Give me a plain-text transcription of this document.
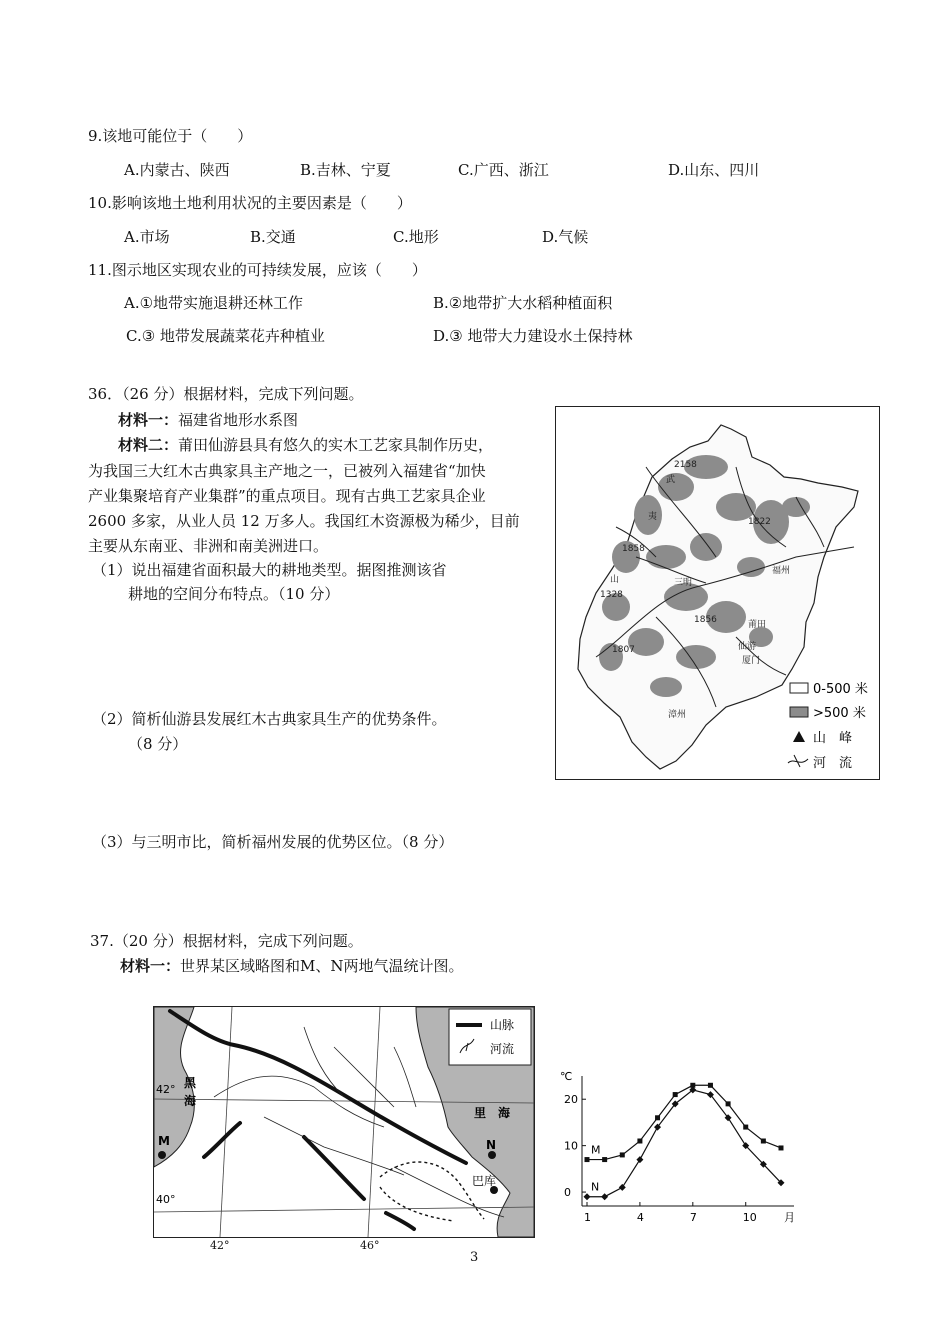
9.该地可能位于（　　）
A.内蒙古、陕西	B.吉林、宁夏	C.广西、浙江	D.山东、四川
10.影响该地土地利用状况的主要因素是（　　）
A.市场	B.交通	C.地形	D.气候
11.图示地区实现农业的可持续发展，应该（　　）
A.①地带实施退耕还林工作	B.②地带扩大水稻种植面积
C.③ 地带发展蔬菜花卉种植业	D.③ 地带大力建设水土保持林
36．（26 分）根据材料，完成下列问题。
材料一：福建省地形水系图
材料二：莆田仙游县具有悠久的实木工艺家具制作历史，
为我国三大红木古典家具主产地之一，已被列入福建省“加快
产业集聚培育产业集群”的重点项目。现有古典工艺家具企业
2600 多家，从业人员 12 万多人。我国红木资源极为稀少，目前
主要从东南亚、非洲和南美洲进口。
（1）说出福建省面积最大的耕地类型。据图推测该省
耕地的空间分布特点。（10 分）
（2）简析仙游县发展红木古典家具生产的优势条件。
（8 分）
（3）与三明市比，简析福州发展的优势区位。（8 分）
2158
1822
1858
1328
1856
1807
武
夷
山	三明
福州
莆田
仙游
厦门
漳州
0-500 米
>500 米
山　峰
河　流
37.（20 分）根据材料，完成下列问题。
材料一：世界某区域略图和M、N两地气温统计图。
山脉
河流
黑
海
里　海
M	N
巴库
42°
40°
42°	46°
℃
月
0
10
20
1	4	7	10
M
N
3
